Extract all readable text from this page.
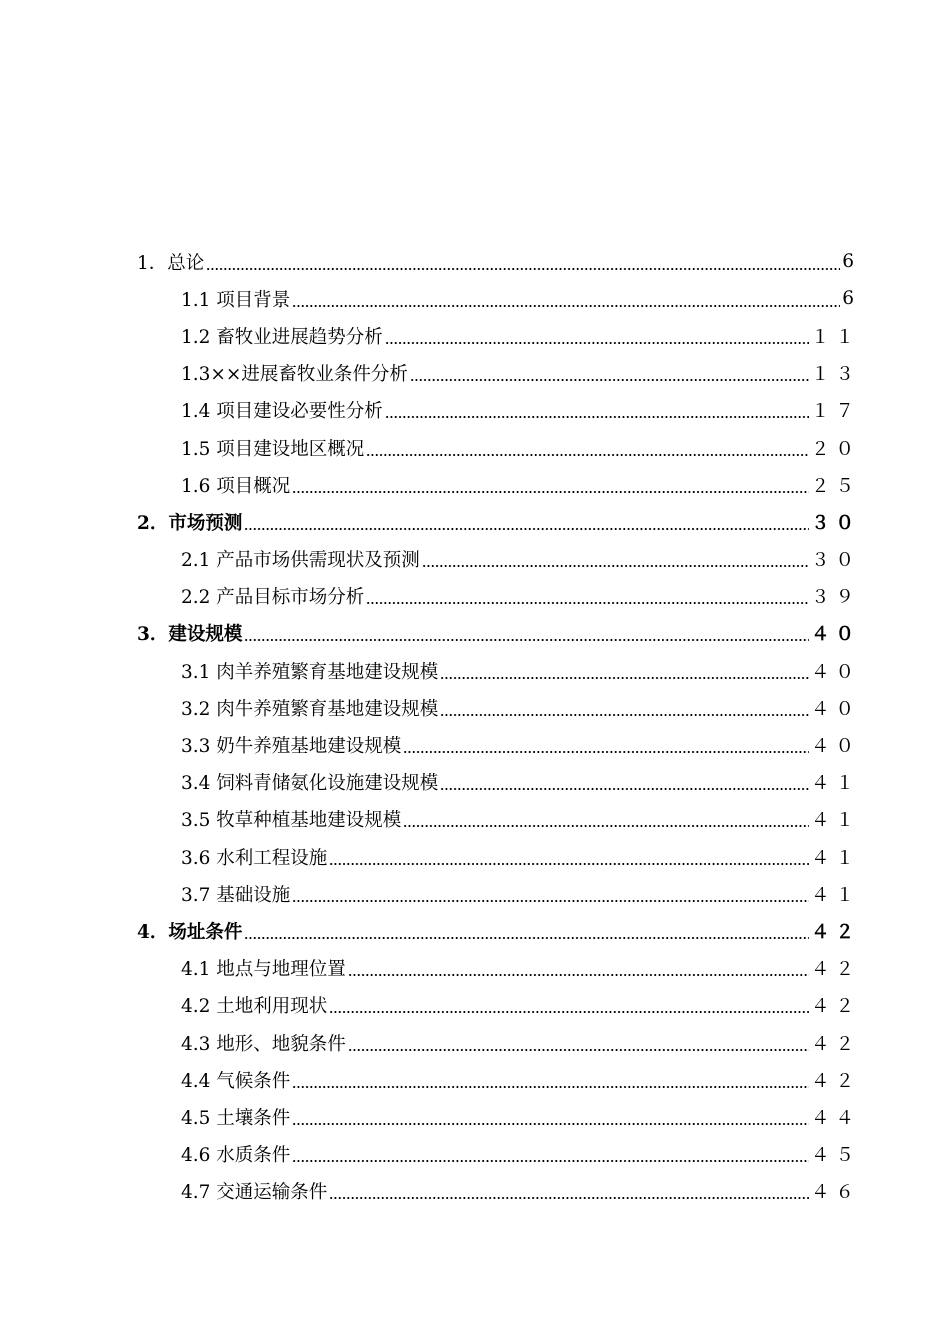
1．总论	6
1.1 项目背景	6
1.2 畜牧业进展趋势分析	１１
1.3××进展畜牧业条件分析	１３
1.4 项目建设必要性分析	１７
1.5 项目建设地区概况	２０
1.6 项目概况	２５
2．市场预测	３０
2.1 产品市场供需现状及预测	３０
2.2 产品目标市场分析	３９
3．建设规模	４０
3.1 肉羊养殖繁育基地建设规模	４０
3.2 肉牛养殖繁育基地建设规模	４０
3.3 奶牛养殖基地建设规模	４０
3.4 饲料青储氨化设施建设规模	４１
3.5 牧草种植基地建设规模	４１
3.6 水利工程设施	４１
3.7 基础设施	４１
4．场址条件	４２
4.1 地点与地理位置	４２
4.2 土地利用现状	４２
4.3 地形、地貌条件	４２
4.4 气候条件	４２
4.5 土壤条件	４４
4.6 水质条件	４５
4.7 交通运输条件	４６
